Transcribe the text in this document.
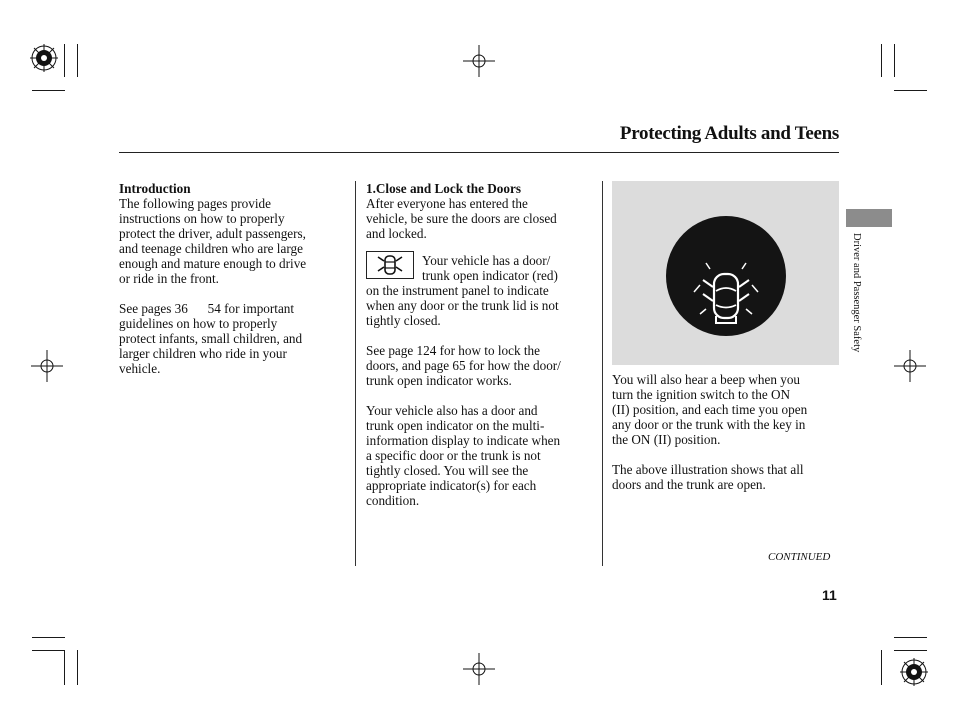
Protecting Adults and Teens

Introduction

The following pages provide
instructions on how to properly
protect the driver, adult passengers,
and teenage children who are large
enough and mature enough to drive
or ride in the front.
See pages 36      54 for important
guidelines on how to properly
protect infants, small children, and
larger children who ride in your
vehicle.

1.Close and Lock the Doors

After everyone has entered the
vehicle, be sure the doors are closed
and locked.
Your vehicle has a door/
trunk open indicator (red)
on the instrument panel to indicate
when any door or the trunk lid is not
tightly closed.
See page 124 for how to lock the
doors, and page 65 for how the door/
trunk open indicator works.
Your vehicle also has a door and
trunk open indicator on the multi-
information display to indicate when
a specific door or the trunk is not
tightly closed. You will see the
appropriate indicator(s) for each
condition.
You will also hear a beep when you
turn the ignition switch to the ON
(II) position, and each time you open
any door or the trunk with the key in
the ON (II) position.
The above illustration shows that all
doors and the trunk are open.
Driver and Passenger Safety
CONTINUED
11
